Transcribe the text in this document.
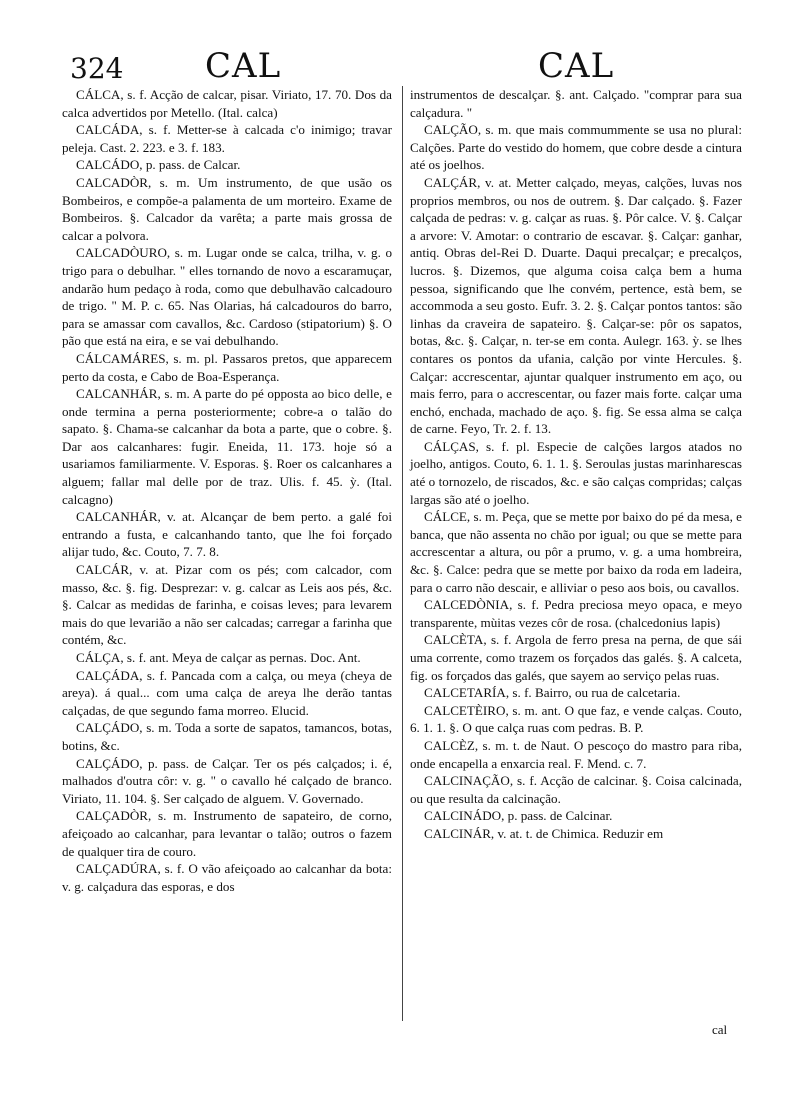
324 CAL	CAL

CÁLCA, s. f. Acção de calcar, pisar. Viriato, 17. 70. Dos da calca advertidos por Metello. (Ital. calca)

CALCÁDA, s. f. Metter-se à calcada c'o inimigo; travar peleja. Cast. 2. 223. e 3. f. 183.

CALCÁDO, p. pass. de Calcar.

CALCADÒR, s. m. Um instrumento, de que usão os Bombeiros, e compõe-a palamenta de um morteiro. Exame de Bombeiros. §. Calcador da varêta; a parte mais grossa de calcar a polvora.

CALCADÒURO, s. m. Lugar onde se calca, trilha, v. g. o trigo para o debulhar. " elles tornando de novo a escaramuçar, andarão hum pedaço à roda, como que debulhavão calcadouro de trigo. " M. P. c. 65. Nas Olarias, há calcadouros do barro, para se amassar com cavallos, &c. Cardoso (stipatorium) §. O pão que está na eira, e se vai debulhando.

CÁLCAMÁRES, s. m. pl. Passaros pretos, que apparecem perto da costa, e Cabo de Boa-Esperança.

CALCANHÁR, s. m. A parte do pé opposta ao bico delle, e onde termina a perna posteriormente; cobre-a o talão do sapato. §. Chama-se calcanhar da bota a parte, que o cobre. §. Dar aos calcanhares: fugir. Eneida, 11. 173. hoje só a usariamos familiarmente. V. Esporas. §. Roer os calcanhares a alguem; fallar mal delle por de traz. Ulis. f. 45. ỳ. (Ital. calcagno)

CALCANHÁR, v. at. Alcançar de bem perto. a galé foi entrando a fusta, e calcanhando tanto, que lhe foi forçado alijar tudo, &c. Couto, 7. 7. 8.

CALCÁR, v. at. Pizar com os pés; com calcador, com masso, &c. §. fig. Desprezar: v. g. calcar as Leis aos pés, &c. §. Calcar as medidas de farinha, e coisas leves; para levarem mais do que levarião a não ser calcadas; carregar a farinha que contém, &c.

CÁLÇA, s. f. ant. Meya de calçar as pernas. Doc. Ant.

CALÇÁDA, s. f. Pancada com a calça, ou meya (cheya de areya). á qual... com uma calça de areya lhe derão tantas calçadas, de que segundo fama morreo. Elucid.

CALÇÁDO, s. m. Toda a sorte de sapatos, tamancos, botas, botins, &c.

CALÇÁDO, p. pass. de Calçar. Ter os pés calçados; i. é, malhados d'outra côr: v. g. " o cavallo hé calçado de branco. Viriato, 11. 104. §. Ser calçado de alguem. V. Governado.

CALÇADÒR, s. m. Instrumento de sapateiro, de corno, afeiçoado ao calcanhar, para levantar o talão; outros o fazem de qualquer tira de couro.

CALÇADÚRA, s. f. O vão afeiçoado ao calcanhar da bota: v. g. calçadura das esporas, e dos

instrumentos de descalçar. §. ant. Calçado. "comprar para sua calçadura. "

CALÇÃO, s. m. que mais commummente se usa no plural: Calções. Parte do vestido do homem, que cobre desde a cintura até os joelhos.

CALÇÁR, v. at. Metter calçado, meyas, calções, luvas nos proprios membros, ou nos de outrem. §. Dar calçado. §. Fazer calçada de pedras: v. g. calçar as ruas. §. Pôr calce. V. §. Calçar a arvore: V. Amotar: o contrario de escavar. §. Calçar: ganhar, antiq. Obras del-Rei D. Duarte. Daqui precalçar; e precalços, lucros. §. Dizemos, que alguma coisa calça bem a huma pessoa, significando que lhe convém, pertence, està bem, se accommoda a seu gosto. Eufr. 3. 2. §. Calçar pontos tantos: são linhas da craveira de sapateiro. §. Calçar-se: pôr os sapatos, botas, &c. §. Calçar, n. ter-se em conta. Aulegr. 163. ỳ. se lhes contares os pontos da ufania, calção por vinte Hercules. §. Calçar: accrescentar, ajuntar qualquer instrumento em aço, ou mais ferro, para o accrescentar, ou fazer mais forte. calçar uma enchó, enchada, machado de aço. §. fig. Se essa alma se calça de carne. Feyo, Tr. 2. f. 13.

CÁLÇAS, s. f. pl. Especie de calções largos atados no joelho, antigos. Couto, 6. 1. 1. §. Seroulas justas marinharescas até o tornozelo, de riscados, &c. e são calças compridas; calças largas são até o joelho.

CÁLCE, s. m. Peça, que se mette por baixo do pé da mesa, e banca, que não assenta no chão por igual; ou que se mette para accrescentar a altura, ou pôr a prumo, v. g. a uma hombreira, &c. §. Calce: pedra que se mette por baixo da roda em ladeira, para o carro não descair, e alliviar o peso aos bois, ou cavallos.

CALCEDÒNIA, s. f. Pedra preciosa meyo opaca, e meyo transparente, mùitas vezes côr de rosa. (chalcedonius lapis)

CALCÈTA, s. f. Argola de ferro presa na perna, de que sái uma corrente, como trazem os forçados das galés. §. A calceta, fig. os forçados das galés, que sayem ao serviço pelas ruas.

CALCETARÍA, s. f. Bairro, ou rua de calcetaria.

CALCETÈIRO, s. m. ant. O que faz, e vende calças. Couto, 6. 1. 1. §. O que calça ruas com pedras. B. P.

CALCÈZ, s. m. t. de Naut. O pescoço do mastro para riba, onde encapella a enxarcia real. F. Mend. c. 7.

CALCINAÇÃO, s. f. Acção de calcinar. §. Coisa calcinada, ou que resulta da calcinação.

CALCINÁDO, p. pass. de Calcinar.

CALCINÁR, v. at. t. de Chimica. Reduzir em

cal
